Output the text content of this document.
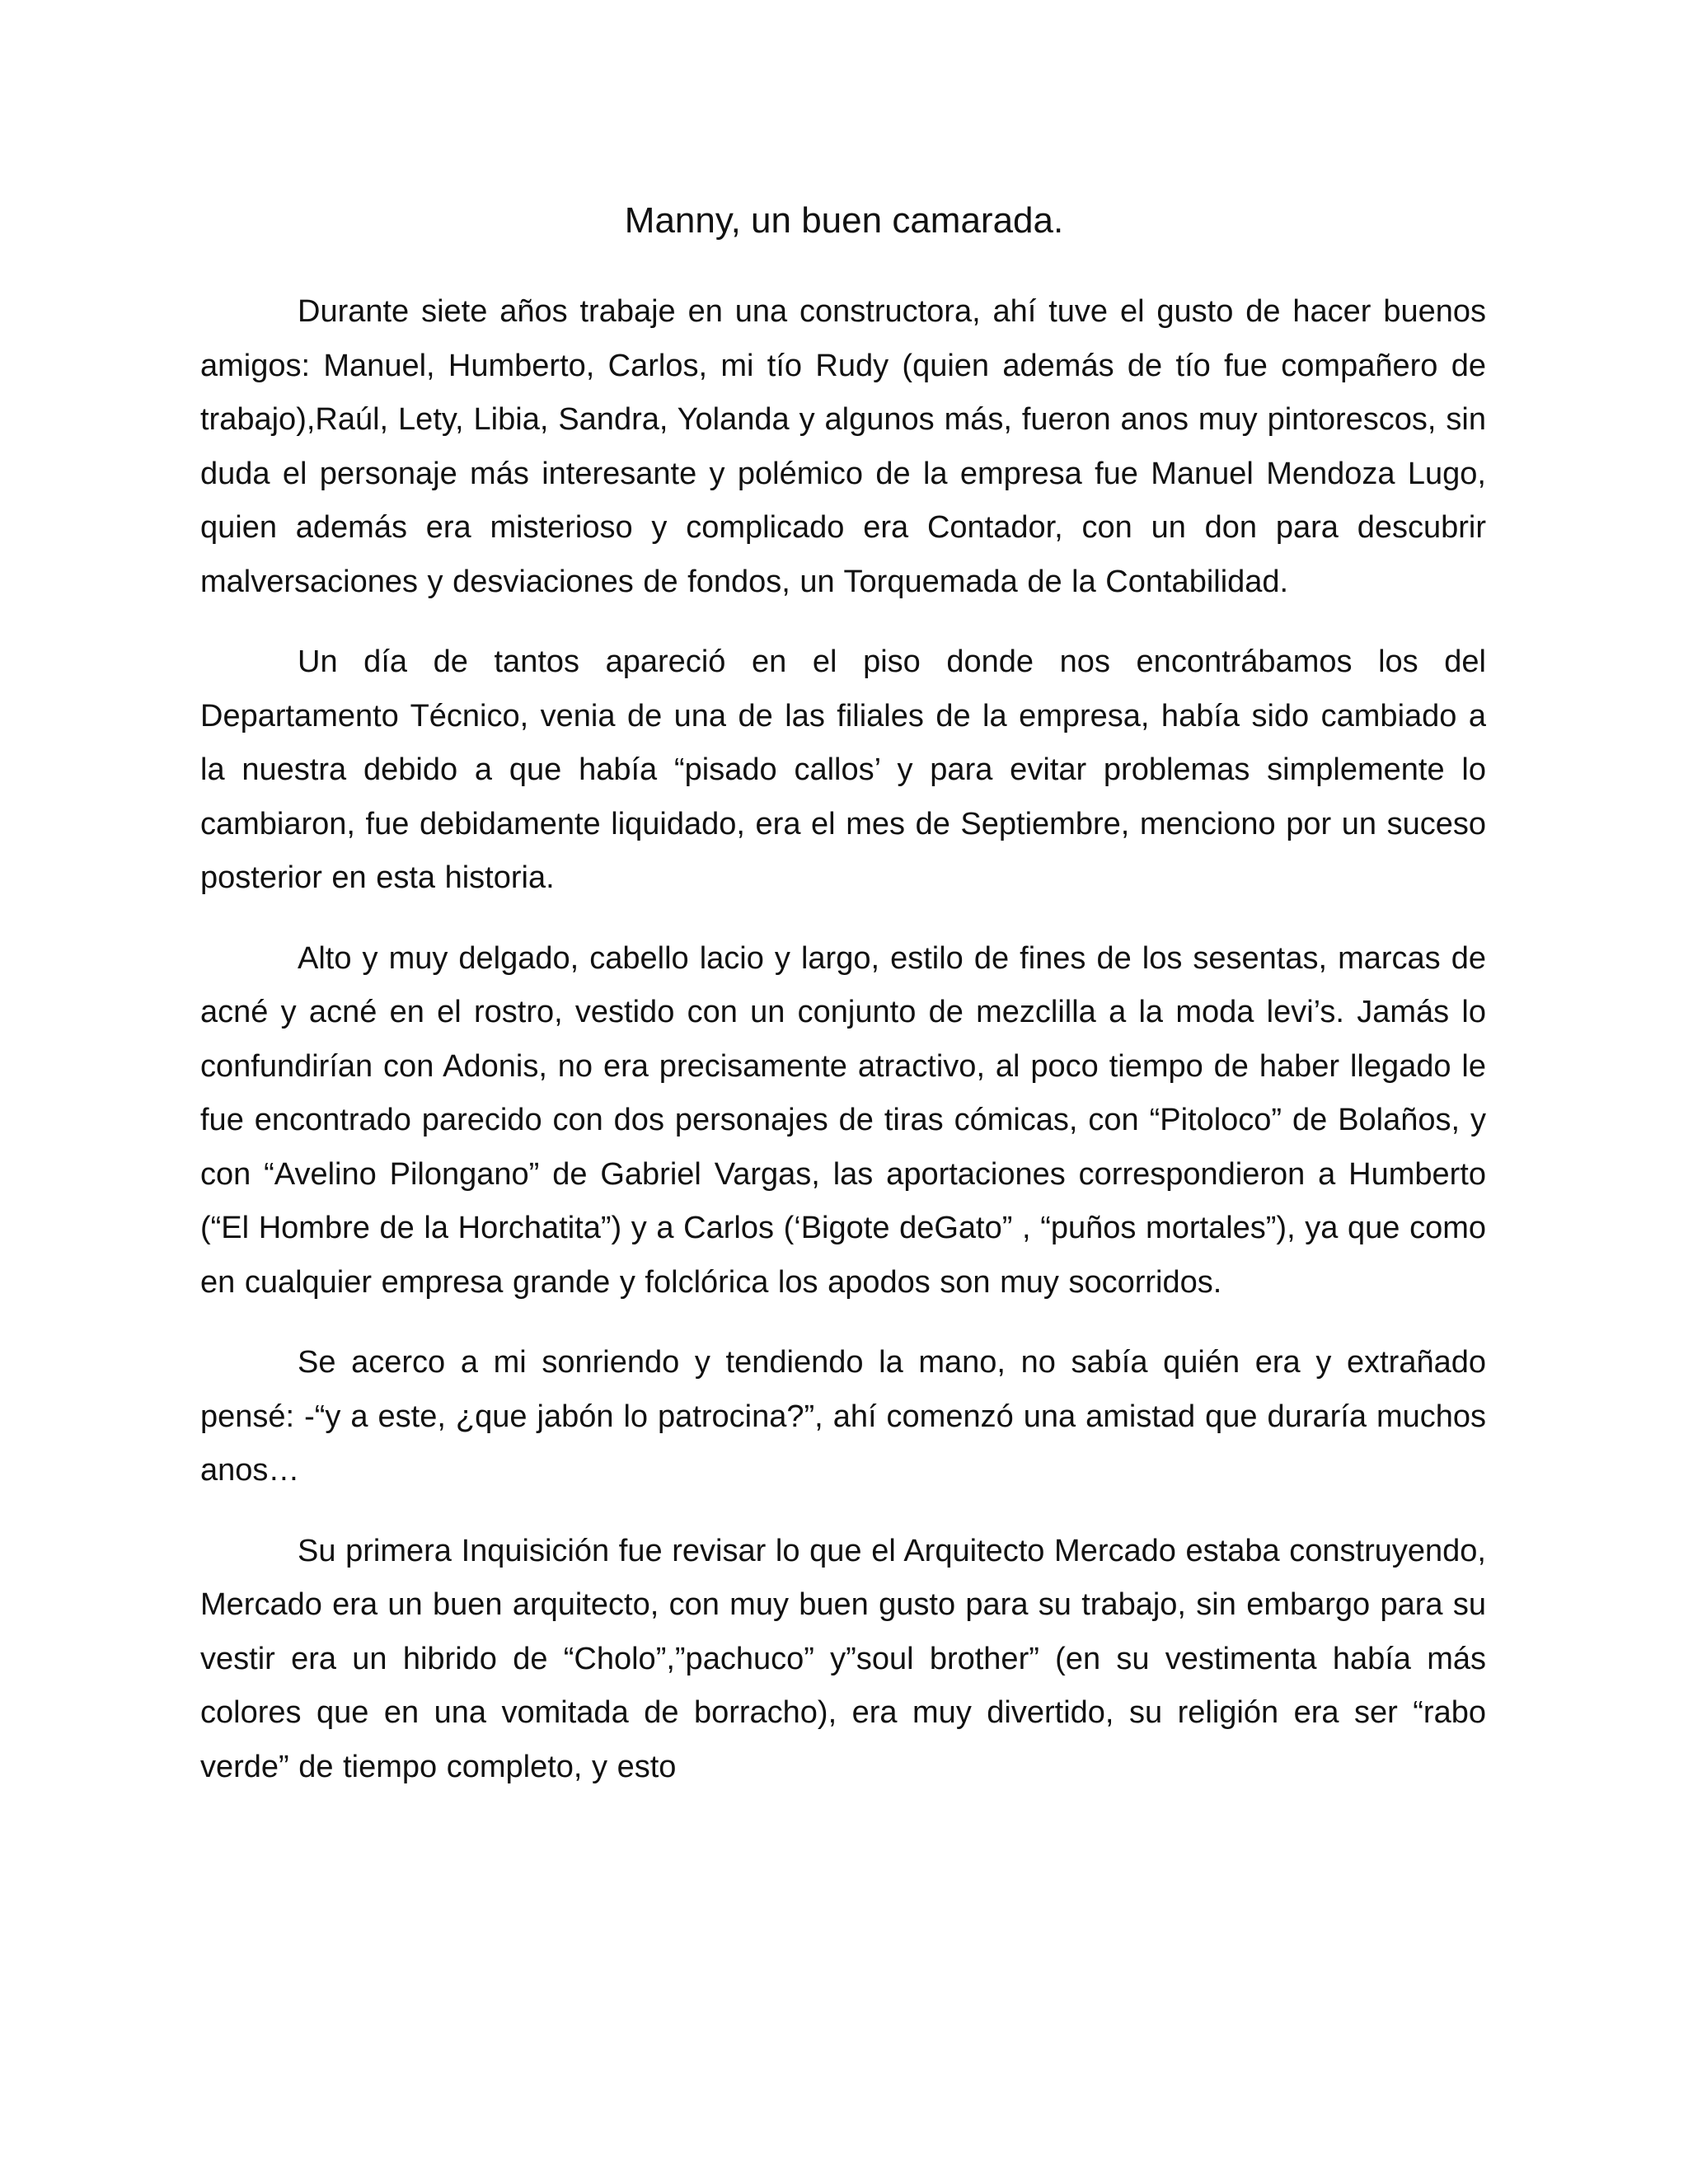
Manny, un buen camarada.

Durante siete años trabaje en una constructora, ahí tuve el gusto de hacer buenos amigos: Manuel, Humberto, Carlos, mi tío Rudy (quien además de tío fue compañero de trabajo),Raúl, Lety, Libia, Sandra, Yolanda y algunos más, fueron anos muy pintorescos, sin duda el personaje más interesante y polémico de la empresa fue Manuel Mendoza Lugo, quien además era misterioso y complicado era Contador, con un don para descubrir malversaciones y desviaciones de fondos, un Torquemada de la Contabilidad.

Un día de tantos apareció en el piso donde nos encontrábamos los del Departamento Técnico, venia de una de las filiales de la empresa, había sido cambiado a la nuestra debido a que había “pisado callos’ y para evitar problemas simplemente lo cambiaron, fue debidamente liquidado, era el mes de Septiembre, menciono por un suceso posterior en esta historia.

Alto y muy delgado, cabello lacio y largo, estilo de fines de los sesentas, marcas de acné y acné en el rostro, vestido con un conjunto de mezclilla a la moda levi’s. Jamás lo confundirían con Adonis, no era precisamente atractivo, al poco tiempo de haber llegado le fue encontrado parecido con dos personajes de tiras cómicas, con “Pitoloco” de Bolaños, y con “Avelino Pilongano” de Gabriel Vargas, las aportaciones correspondieron a Humberto (“El Hombre de la Horchatita”) y a Carlos (‘Bigote deGato” , “puños mortales”), ya que como en cualquier empresa grande y folclórica los apodos son muy socorridos.

Se acerco a mi sonriendo y tendiendo la mano, no sabía quién era y extrañado pensé: -“y a este, ¿que jabón lo patrocina?”, ahí comenzó una amistad que duraría muchos anos…

Su primera Inquisición fue revisar lo que el Arquitecto Mercado estaba construyendo, Mercado era un buen arquitecto, con muy buen gusto para su trabajo, sin embargo para su vestir era un hibrido de “Cholo”,”pachuco” y”soul brother” (en su vestimenta había más colores que en una vomitada de borracho), era muy divertido, su religión era ser “rabo verde” de tiempo completo, y esto
